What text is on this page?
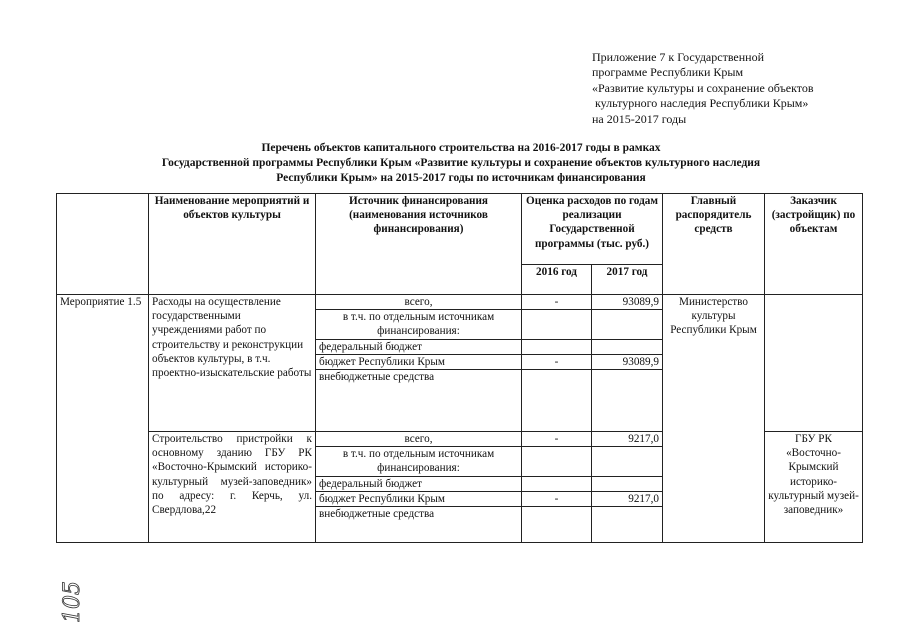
Приложение 7 к Государственной
программе Республики Крым
«Развитие культуры и сохранение объектов
культурного наследия Республики Крым»
на 2015-2017 годы
Перечень объектов капитального строительства на 2016-2017 годы в рамках
Государственной программы Республики Крым «Развитие культуры и сохранение объектов культурного наследия
Республики Крым» на 2015-2017 годы по источникам финансирования
	Наименование мероприятий и объектов культуры	Источник финансирования (наименования источников финансирования)	Оценка расходов по годам реализации Государственной программы (тыс. руб.)		Главный распорядитель средств	Заказчик (застройщик) по объектам
			2016 год	2017 год		
Мероприятие 1.5	Расходы на осуществление государственными учреждениями работ по строительству и реконструкции объектов культуры, в т.ч. проектно-изыскательские работы	всего,	-	93089,9	Министерство культуры Республики Крым	
		в т.ч. по отдельным источникам финансирования:				
		федеральный бюджет				
		бюджет Республики Крым	-	93089,9		
		внебюджетные средства				
	Строительство пристройки к основному зданию ГБУ РК «Восточно-Крымский историко-культурный музей-заповедник» по адресу: г. Керчь, ул. Свердлова,22	всего,	-	9217,0		ГБУ РК «Восточно-Крымский историко-культурный музей-заповедник»
		в т.ч. по отдельным источникам финансирования:				
		федеральный бюджет				
		бюджет Республики Крым	-	9217,0		
		внебюджетные средства				
105
